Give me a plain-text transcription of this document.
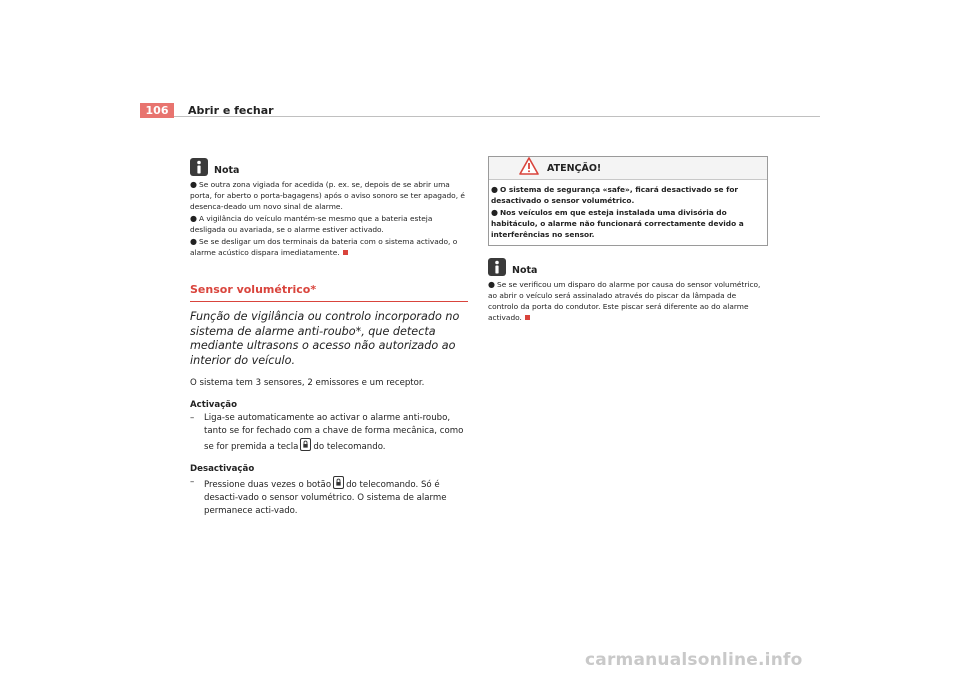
106	Abrir e fechar
Nota

● Se outra zona vigiada for acedida (p. ex. se, depois de se abrir uma porta, for aberto o porta-bagagens) após o aviso sonoro se ter apagado, é desenca-deado um novo sinal de alarme.

● A vigilância do veículo mantém-se mesmo que a bateria esteja desligada ou avariada, se o alarme estiver activado.

● Se se desligar um dos terminais da bateria com o sistema activado, o alarme acústico dispara imediatamente.

Sensor volumétrico*
Função de vigilância ou controlo incorporado no sistema de alarme anti-roubo*, que detecta mediante ultrasons o acesso não autorizado ao interior do veículo.

O sistema tem 3 sensores, 2 emissores e um receptor.

Activação

–	Liga-se automaticamente ao activar o alarme anti-roubo, tanto se for fechado com a chave de forma mecânica, como se for premida a tecla do telecomando.

Desactivação

–	Pressione duas vezes o botão do telecomando. Só é desacti-vado o sensor volumétrico. O sistema de alarme permanece acti-vado.
ATENÇÃO!

● O sistema de segurança «safe», ficará desactivado se for desactivado o sensor volumétrico.

● Nos veículos em que esteja instalada uma divisória do habitáculo, o alarme não funcionará correctamente devido a interferências no sensor.

Nota

● Se se verificou um disparo do alarme por causa do sensor volumétrico, ao abrir o veículo será assinalado através do piscar da lâmpada de controlo da porta do condutor. Este piscar será diferente ao do alarme activado.

carmanualsonline.info
